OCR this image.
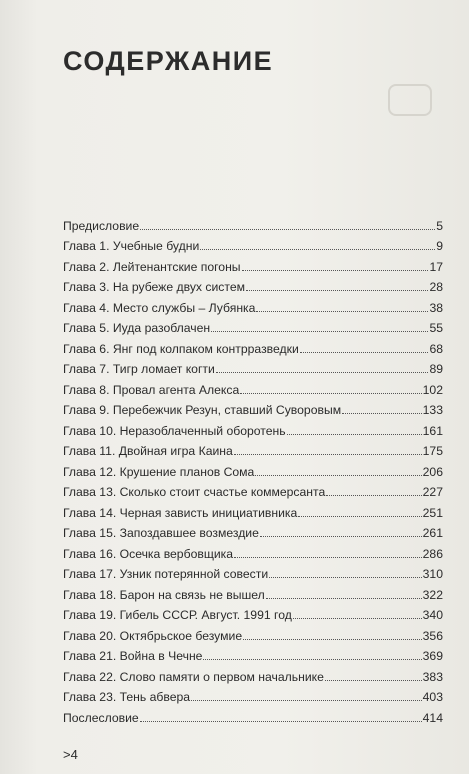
СОДЕРЖАНИЕ
Предисловие	5
Глава 1. Учебные будни	9
Глава 2. Лейтенантские погоны	17
Глава 3. На рубеже двух систем	28
Глава 4. Место службы – Лубянка	38
Глава 5. Иуда разоблачен	55
Глава 6. Янг под колпаком контрразведки	68
Глава 7. Тигр ломает когти	89
Глава 8. Провал агента Алекса	102
Глава 9. Перебежчик Резун, ставший Суворовым	133
Глава 10. Неразоблаченный оборотень	161
Глава 11. Двойная игра Каина	175
Глава 12. Крушение планов Сома	206
Глава 13. Сколько стоит счастье коммерсанта	227
Глава 14. Черная зависть инициативника	251
Глава 15. Запоздавшее возмездие	261
Глава 16. Осечка вербовщика	286
Глава 17. Узник потерянной совести	310
Глава 18. Барон на связь не вышел	322
Глава 19. Гибель СССР. Август. 1991 год	340
Глава 20. Октябрьское безумие	356
Глава 21. Война в Чечне	369
Глава 22. Слово памяти о первом начальнике	383
Глава 23. Тень абвера	403
Послесловие	414
>4
